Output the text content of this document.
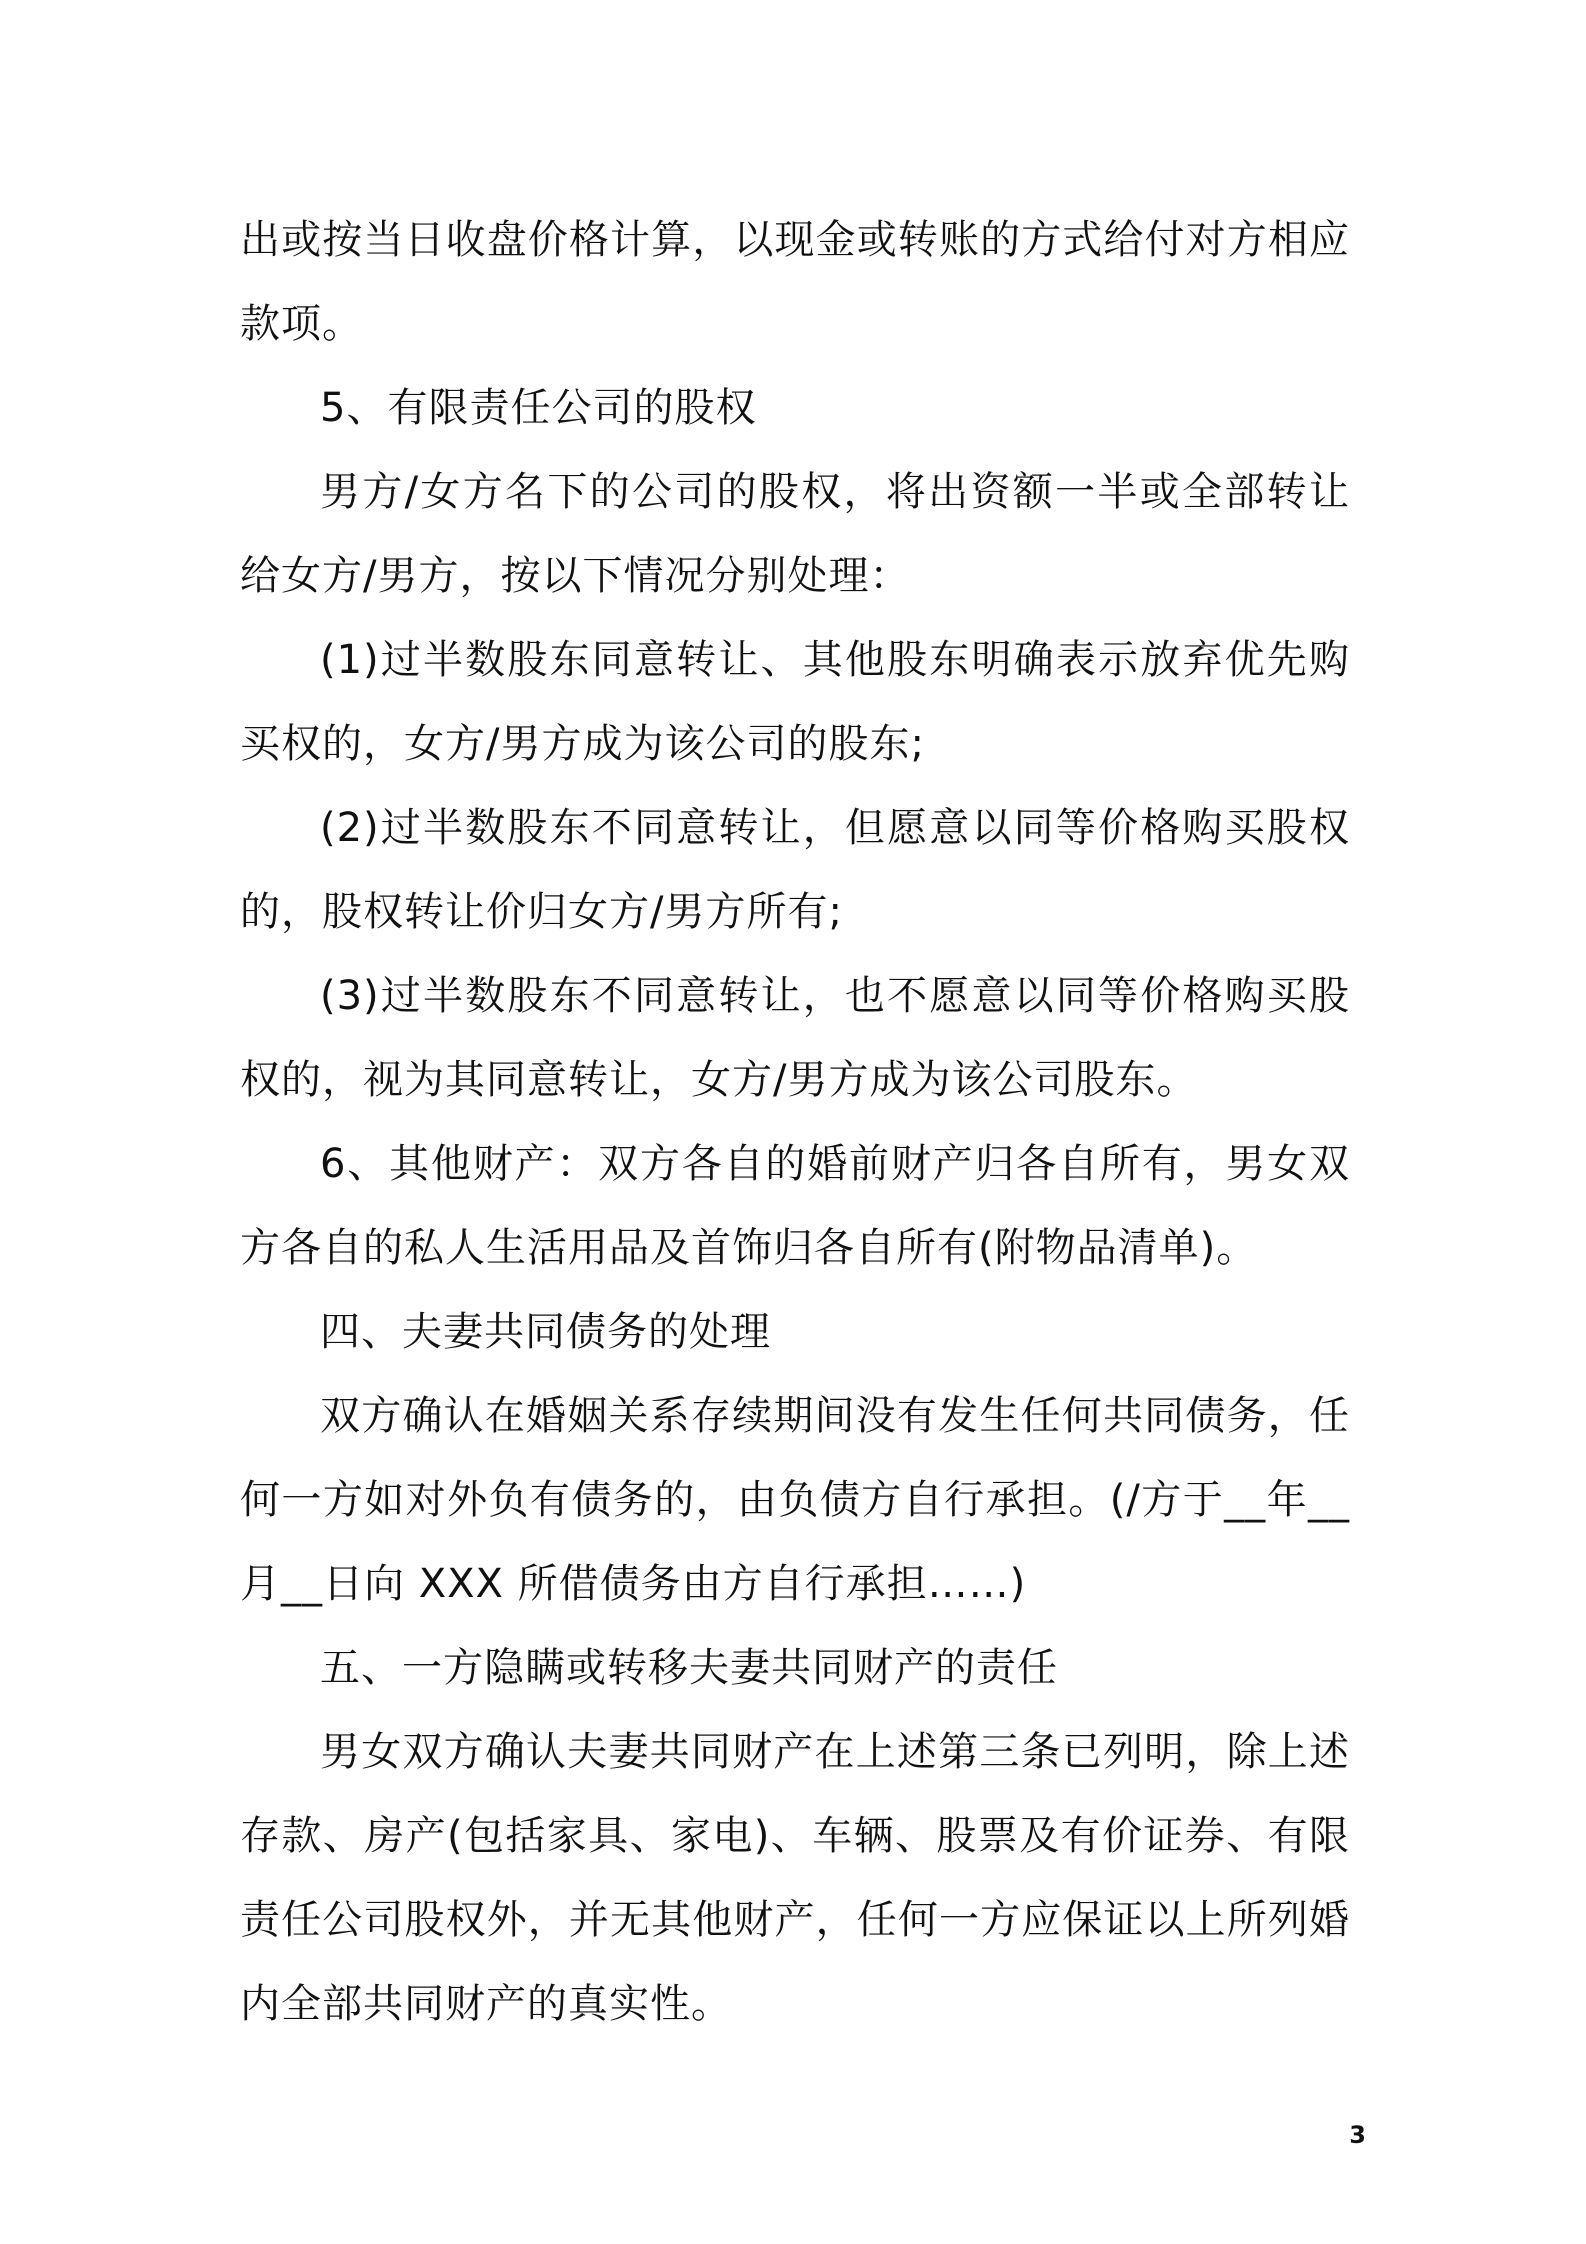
出或按当日收盘价格计算，以现金或转账的方式给付对方相应款项。

5、有限责任公司的股权

男方/女方名下的公司的股权，将出资额一半或全部转让给女方/男方，按以下情况分别处理：

(1)过半数股东同意转让、其他股东明确表示放弃优先购买权的，女方/男方成为该公司的股东;

(2)过半数股东不同意转让，但愿意以同等价格购买股权的，股权转让价归女方/男方所有;

(3)过半数股东不同意转让，也不愿意以同等价格购买股权的，视为其同意转让，女方/男方成为该公司股东。

6、其他财产：双方各自的婚前财产归各自所有，男女双方各自的私人生活用品及首饰归各自所有(附物品清单)。

四、夫妻共同债务的处理

双方确认在婚姻关系存续期间没有发生任何共同债务，任何一方如对外负有债务的，由负债方自行承担。(/方于__年__月__日向 XXX 所借债务由方自行承担……)

五、一方隐瞒或转移夫妻共同财产的责任

男女双方确认夫妻共同财产在上述第三条已列明，除上述存款、房产(包括家具、家电)、车辆、股票及有价证券、有限责任公司股权外，并无其他财产，任何一方应保证以上所列婚内全部共同财产的真实性。

3
